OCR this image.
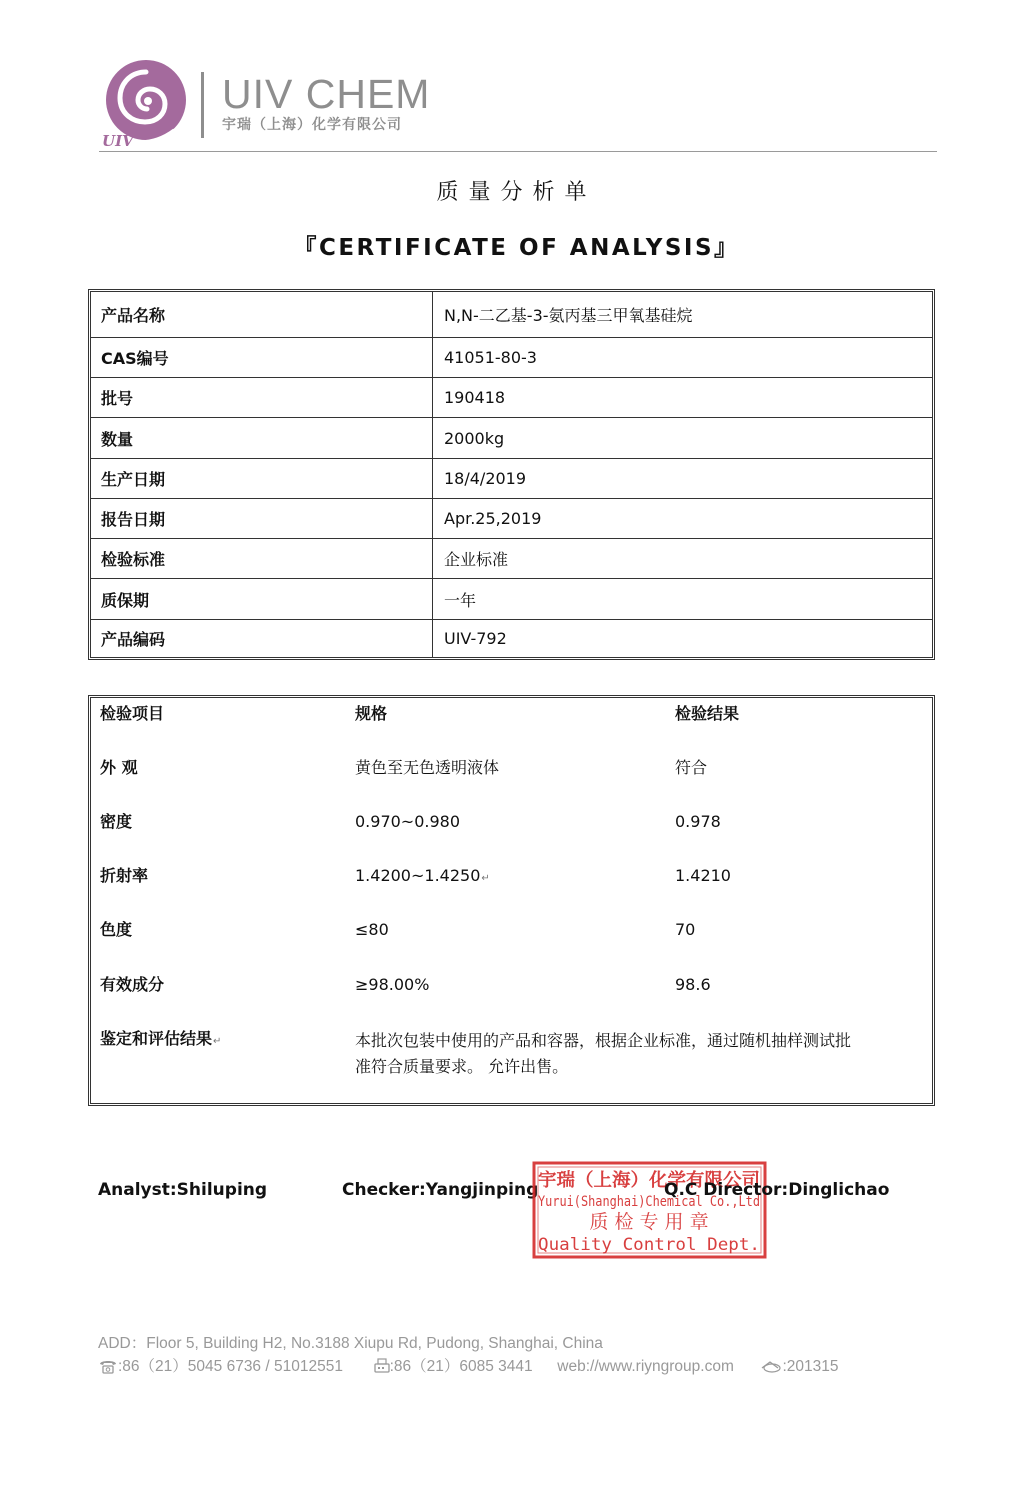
UIV
UIV CHEM
宇瑞（上海）化学有限公司
质量分析单
『CERTIFICATE OF ANALYSIS』
产品名称	N,N-二乙基-3-氨丙基三甲氧基硅烷
CAS编号	41051-80-3
批号	190418
数量	2000kg
生产日期	18/4/2019
报告日期	Apr.25,2019
检验标准	企业标准
质保期	一年
产品编码	UIV-792
检验项目	规格	检验结果
外 观	黄色至无色透明液体	符合
密度	0.970~0.980	0.978
折射率	1.4200~1.4250↵	1.4210
色度	≤80	70
有效成分	≥98.00%	98.6
鉴定和评估结果↵	本批次包装中使用的产品和容器，根据企业标准，通过随机抽样测试批
准符合质量要求。 允许出售。
Analyst:Shiluping	Checker:Yangjinping 宇瑞（上海）化学有限公司
Yurui(Shanghai)Chemical Co.,Ltd
质 检 专 用 章
Quality Control Dept.
Q.C Director:Dinglichao
ADD：Floor 5, Building H2, No.3188 Xiupu Rd, Pudong, Shanghai, China
:86（21）5045 6736 / 51012551	:86（21）6085 3441 web://www.riyngroup.com	:201315
